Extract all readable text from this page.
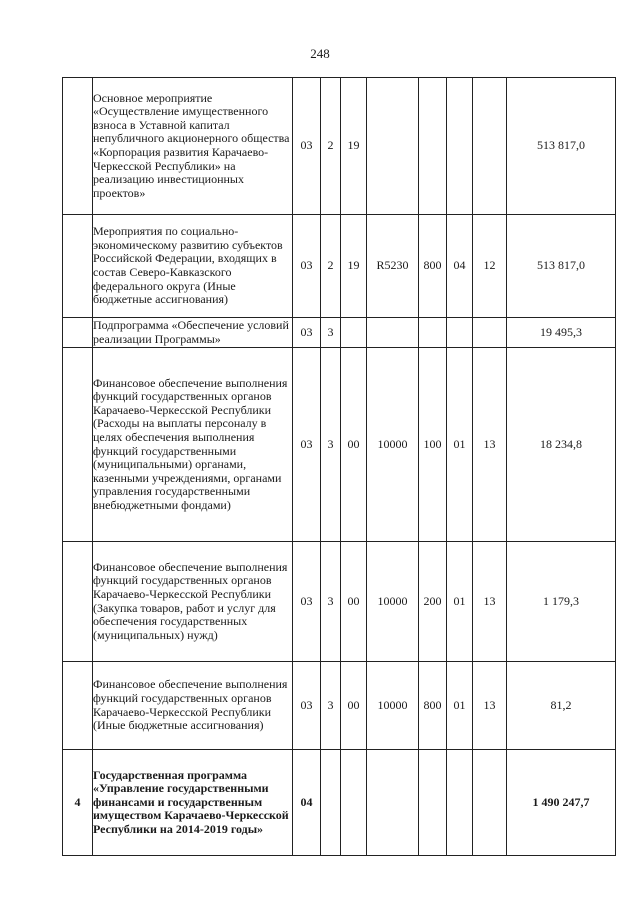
248
	Основное мероприятие «Осуществление имущественного взноса в Уставной капитал непубличного акционерного общества «Корпорация развития Карачаево-Черкесской Республики» на реализацию инвестиционных проектов»	03	2	19					513 817,0
	Мероприятия по социально-экономическому развитию субъектов Российской Федерации, входящих в состав Северо-Кавказского федерального округа (Иные бюджетные ассигнования)	03	2	19	R5230	800	04	12	513 817,0
	Подпрограмма «Обеспечение условий реализации Программы»	03	3						19 495,3
	Финансовое обеспечение выполнения функций государственных органов Карачаево-Черкесской Республики (Расходы на выплаты персоналу в целях обеспечения выполнения функций государственными (муниципальными) органами, казенными учреждениями, органами управления государственными внебюджетными фондами)	03	3	00	10000	100	01	13	18 234,8
	Финансовое обеспечение выполнения функций государственных органов Карачаево-Черкесской Республики (Закупка товаров, работ и услуг для обеспечения государственных (муниципальных) нужд)	03	3	00	10000	200	01	13	1 179,3
	Финансовое обеспечение выполнения функций государственных органов Карачаево-Черкесской Республики (Иные бюджетные ассигнования)	03	3	00	10000	800	01	13	81,2
4	Государственная программа «Управление государственными финансами и государственным имуществом Карачаево-Черкесской Республики на 2014-2019 годы»	04							1 490 247,7
